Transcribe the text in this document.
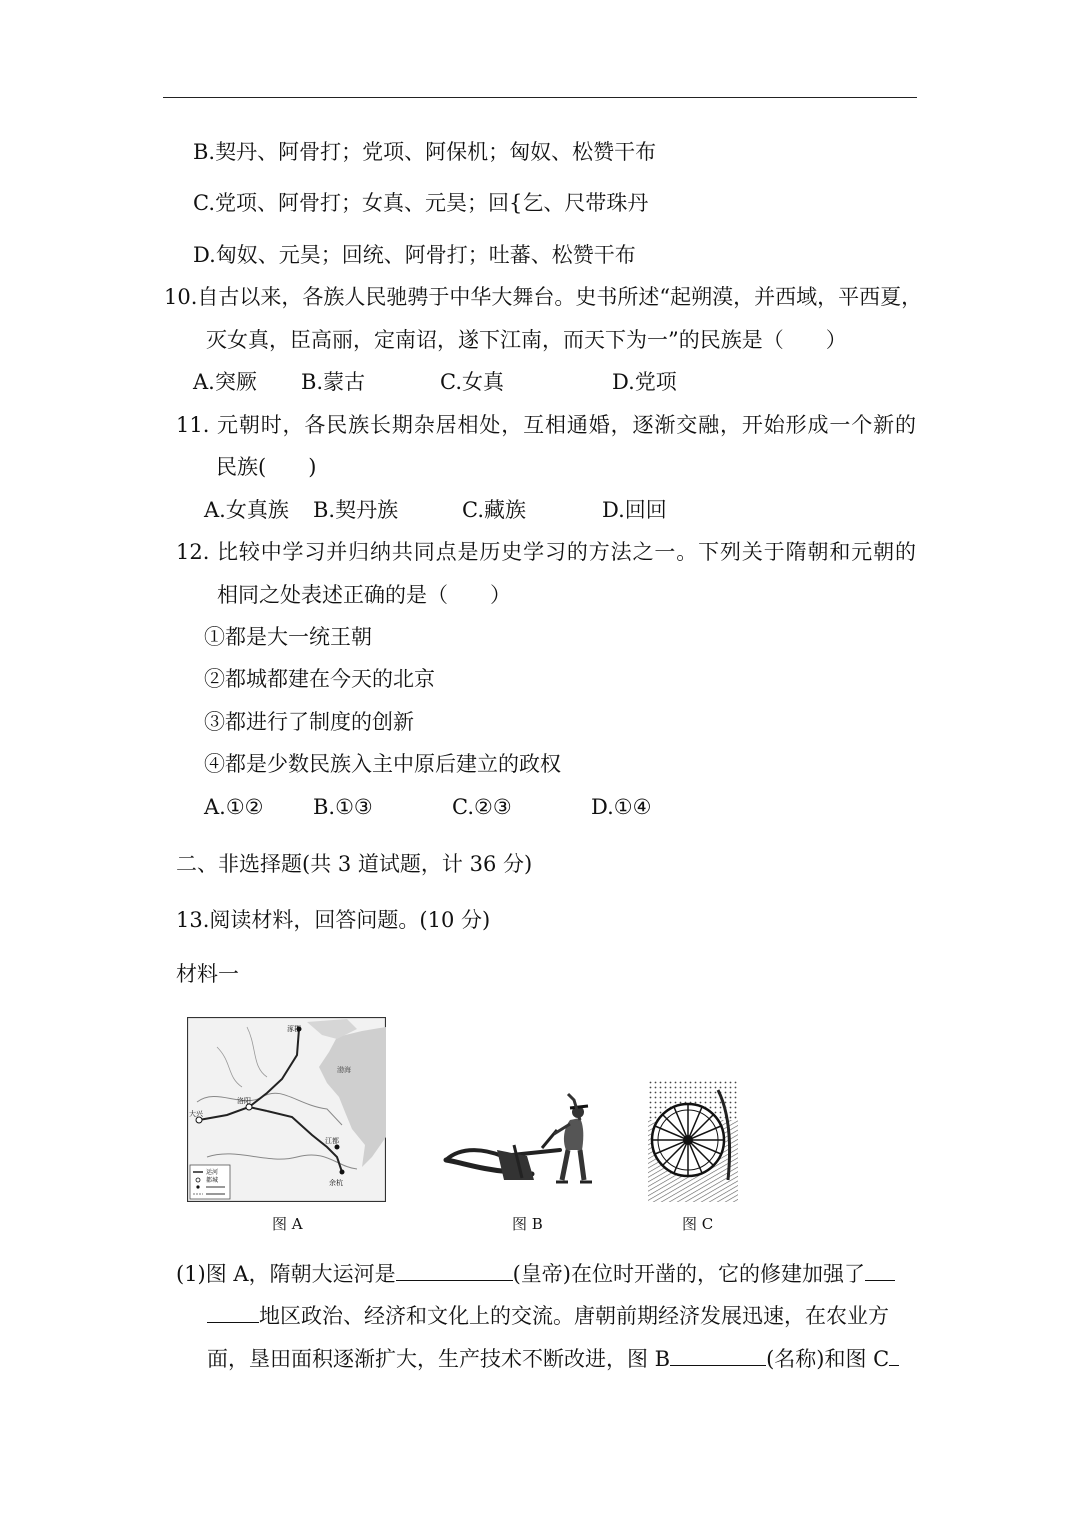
B.契丹、阿骨打；党项、阿保机；匈奴、松赞干布
C.党项、阿骨打；女真、元昊；回{乞、尺带珠丹
D.匈奴、元昊；回统、阿骨打；吐蕃、松赞干布
10.自古以来，各族人民驰骋于中华大舞台。史书所述“起朔漠，并西域，平西夏，
灭女真，臣高丽，定南诏，遂下江南，而天下为一”的民族是（　　）
A.突厥 B.蒙古	C.女真	D.党项
11. 元朝时，各民族长期杂居相处，互相通婚，逐渐交融，开始形成一个新的
民族(　　)
A.女真族 B.契丹族	C.藏族	D.回回
12. 比较中学习并归纳共同点是历史学习的方法之一。下列关于隋朝和元朝的
相同之处表述正确的是（　　）
①都是大一统王朝
②都城都建在今天的北京
③都进行了制度的创新
④都是少数民族入主中原后建立的政权
A.①② B.①③	C.②③	D.①④
二、非选择题(共 3 道试题，计 36 分)
13.阅读材料，回答问题。(10 分)
材料一
涿郡
大兴
洛阳
江都
余杭
渤海
运河
都城
图 A	图 B	图 C
(1)图 A，隋朝大运河是	(皇帝)在位时开凿的，它的修建加强了
地区政治、经济和文化上的交流。唐朝前期经济发展迅速，在农业方
面，垦田面积逐渐扩大，生产技术不断改进，图 B	(名称)和图 C
